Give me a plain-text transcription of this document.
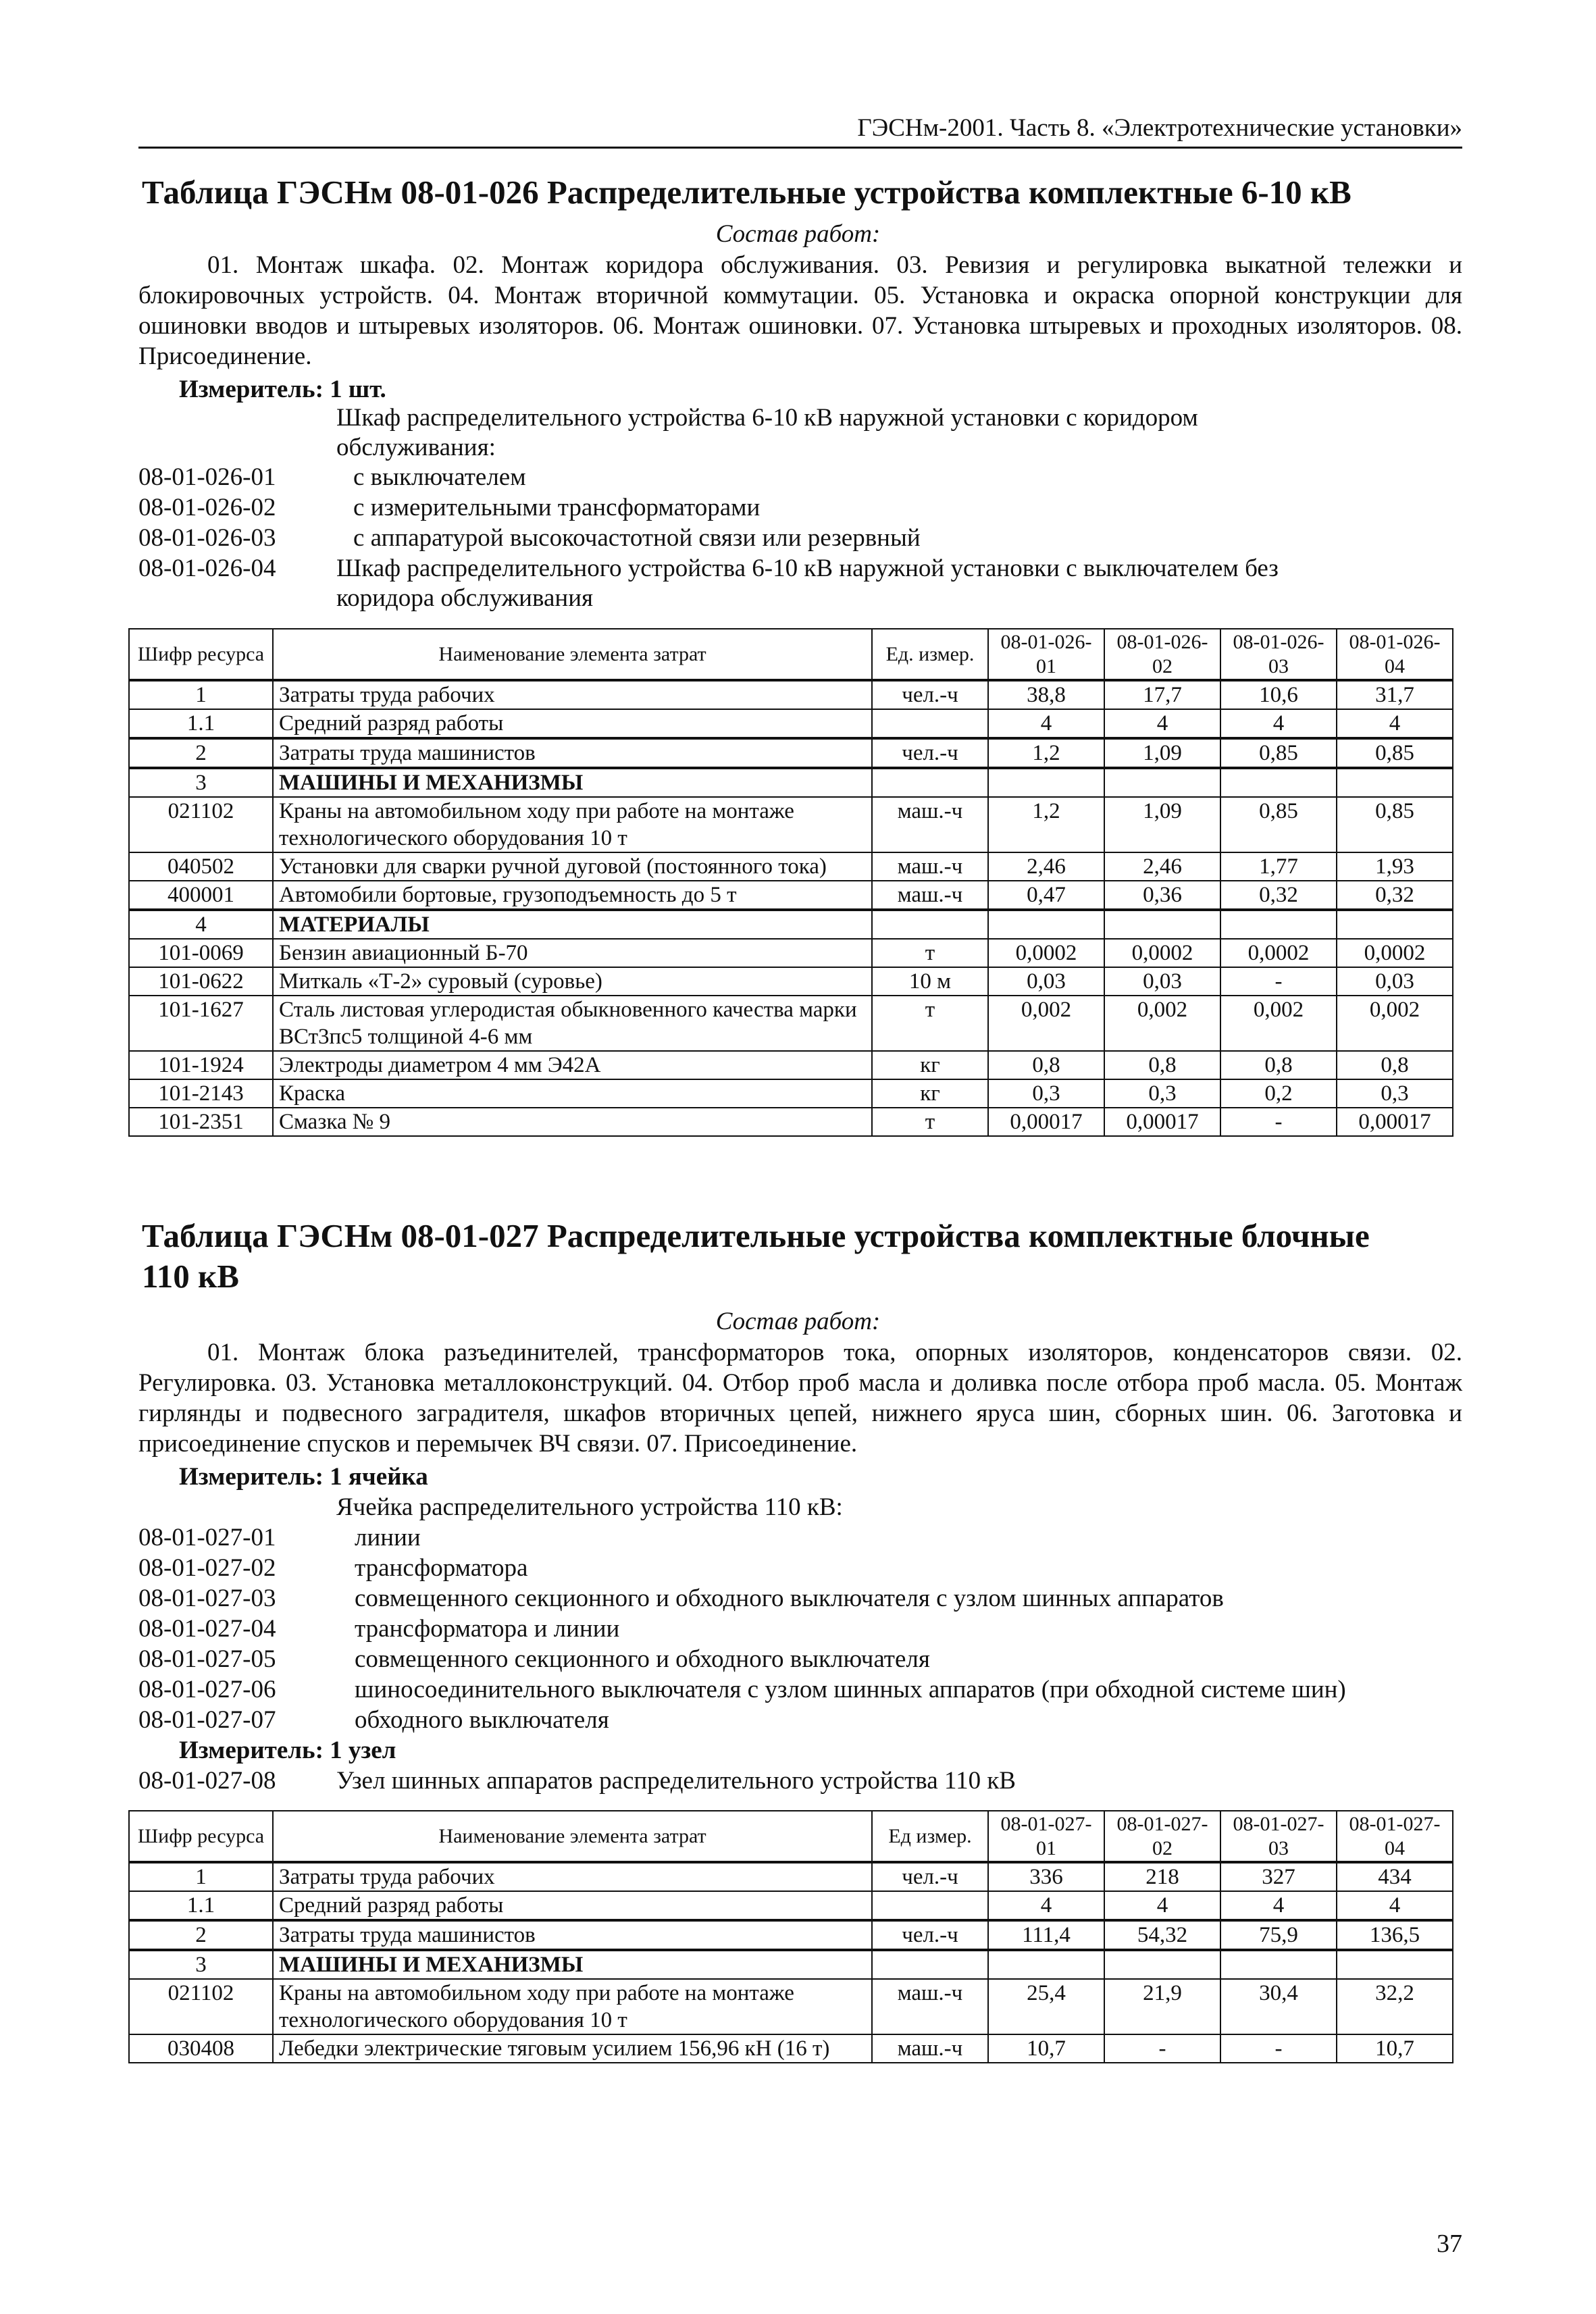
ГЭСНм-2001. Часть 8. «Электротехнические установки»
Таблица ГЭСНм 08-01-026 Распределительные устройства комплектные 6-10 кВ
Состав работ:
01. Монтаж шкафа. 02. Монтаж коридора обслуживания. 03. Ревизия и регулировка выкатной тележки и блокировочных устройств. 04. Монтаж вторичной коммутации. 05. Установка и окраска опорной конструкции для ошиновки вводов и штыревых изоляторов. 06. Монтаж ошиновки. 07. Установка штыревых и проходных изоляторов. 08. Присоединение.
Измеритель: 1 шт.
Шкаф распределительного устройства 6-10 кВ наружной установки с коридором обслуживания:
08-01-026-01	с выключателем
08-01-026-02	с измерительными трансформаторами
08-01-026-03	с аппаратурой высокочастотной связи или резервный
08-01-026-04 Шкаф распределительного устройства 6-10 кВ наружной установки с выключателем без коридора обслуживания
Шифр ресурса	Наименование элемента затрат	Ед. измер.	08-01-026-01	08-01-026-02	08-01-026-03	08-01-026-04
1	Затраты труда рабочих	чел.-ч	38,8	17,7	10,6	31,7
1.1	Средний разряд работы		4	4	4	4
2	Затраты труда машинистов	чел.-ч	1,2	1,09	0,85	0,85
3	МАШИНЫ И МЕХАНИЗМЫ					
021102	Краны на автомобильном ходу при работе на монтаже технологического оборудования 10 т	маш.-ч	1,2	1,09	0,85	0,85
040502	Установки для сварки ручной дуговой (постоянного тока)	маш.-ч	2,46	2,46	1,77	1,93
400001	Автомобили бортовые, грузоподъемность до 5 т	маш.-ч	0,47	0,36	0,32	0,32
4	МАТЕРИАЛЫ					
101-0069	Бензин авиационный Б-70	т	0,0002	0,0002	0,0002	0,0002
101-0622	Миткаль «Т-2» суровый (суровье)	10 м	0,03	0,03	-	0,03
101-1627	Сталь листовая углеродистая обыкновенного качества марки ВСт3пс5 толщиной 4-6 мм	т	0,002	0,002	0,002	0,002
101-1924	Электроды диаметром 4 мм Э42А	кг	0,8	0,8	0,8	0,8
101-2143	Краска	кг	0,3	0,3	0,2	0,3
101-2351	Смазка № 9	т	0,00017	0,00017	-	0,00017
Таблица ГЭСНм 08-01-027 Распределительные устройства комплектные блочные 110 кВ
Состав работ:
01. Монтаж блока разъединителей, трансформаторов тока, опорных изоляторов, конденсаторов связи. 02. Регулировка. 03. Установка металлоконструкций. 04. Отбор проб масла и доливка после отбора проб масла. 05. Монтаж гирлянды и подвесного заградителя, шкафов вторичных цепей, нижнего яруса шин, сборных шин. 06. Заготовка и присоединение спусков и перемычек ВЧ связи. 07. Присоединение.
Измеритель: 1 ячейка
Ячейка распределительного устройства 110 кВ:
08-01-027-01	линии
08-01-027-02	трансформатора
08-01-027-03	совмещенного секционного и обходного выключателя с узлом шинных аппаратов
08-01-027-04	трансформатора и линии
08-01-027-05	совмещенного секционного и обходного выключателя
08-01-027-06	шиносоединительного выключателя с узлом шинных аппаратов (при обходной системе шин)
08-01-027-07	обходного выключателя
Измеритель: 1 узел
08-01-027-08 Узел шинных аппаратов распределительного устройства 110 кВ
Шифр ресурса	Наименование элемента затрат	Ед измер.	08-01-027-01	08-01-027-02	08-01-027-03	08-01-027-04
1	Затраты труда рабочих	чел.-ч	336	218	327	434
1.1	Средний разряд работы		4	4	4	4
2	Затраты труда машинистов	чел.-ч	111,4	54,32	75,9	136,5
3	МАШИНЫ И МЕХАНИЗМЫ					
021102	Краны на автомобильном ходу при работе на монтаже технологического оборудования 10 т	маш.-ч	25,4	21,9	30,4	32,2
030408	Лебедки электрические тяговым усилием 156,96 кН (16 т)	маш.-ч	10,7	-	-	10,7
37
